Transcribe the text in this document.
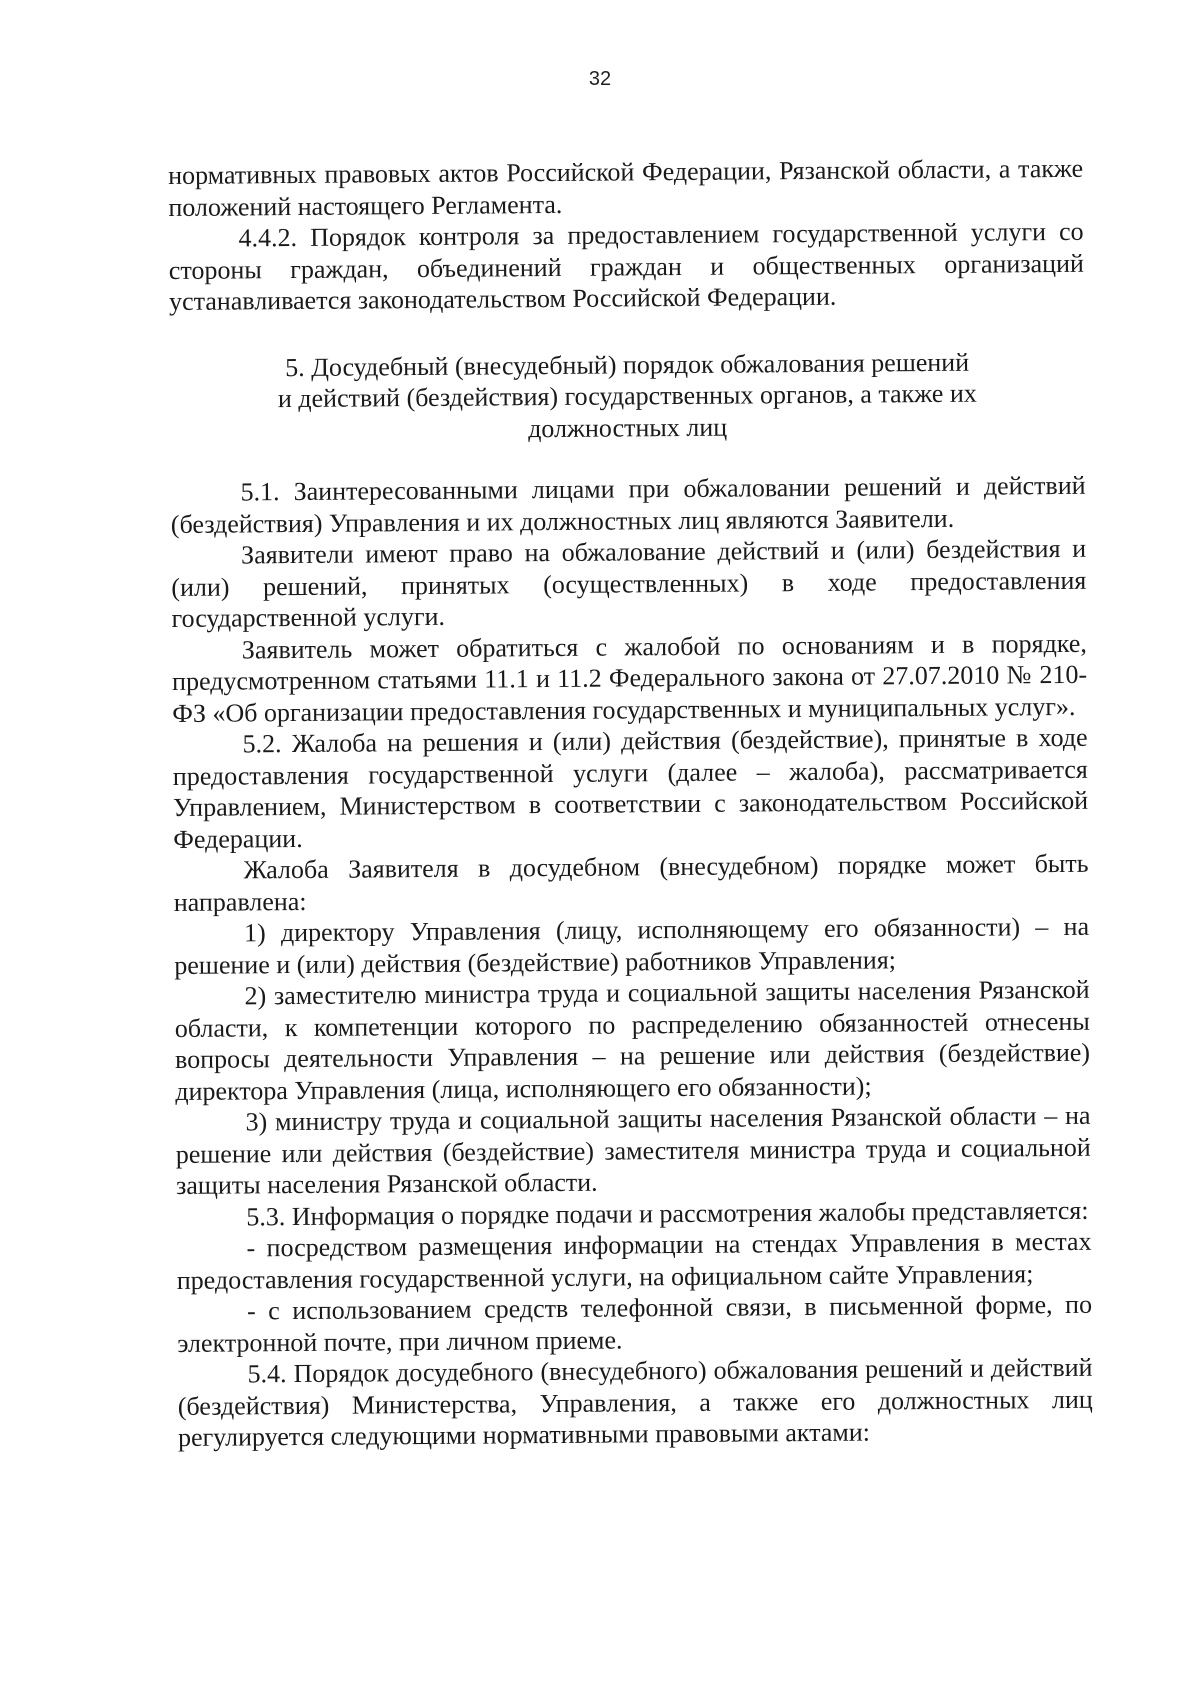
32

нормативных правовых актов Российской Федерации, Рязанской области, а также положений настоящего Регламента.

4.4.2. Порядок контроля за предоставлением государственной услуги со стороны граждан, объединений граждан и общественных организаций устанавливается законодательством Российской Федерации.

5. Досудебный (внесудебный) порядок обжалования решений
и действий (бездействия) государственных органов, а также их
должностных лиц

5.1. Заинтересованными лицами при обжаловании решений и действий (бездействия) Управления и их должностных лиц являются Заявители.

Заявители имеют право на обжалование действий и (или) бездействия и (или) решений, принятых (осуществленных) в ходе предоставления государственной услуги.

Заявитель может обратиться с жалобой по основаниям и в порядке, предусмотренном статьями 11.1 и 11.2 Федерального закона от 27.07.2010 № 210-ФЗ «Об организации предоставления государственных и муниципальных услуг».

5.2. Жалоба на решения и (или) действия (бездействие), принятые в ходе предоставления государственной услуги (далее – жалоба), рассматривается Управлением, Министерством в соответствии с законодательством Российской Федерации.

Жалоба Заявителя в досудебном (внесудебном) порядке может быть направлена:

1) директору Управления (лицу, исполняющему его обязанности) – на решение и (или) действия (бездействие) работников Управления;

2) заместителю министра труда и социальной защиты населения Рязанской области, к компетенции которого по распределению обязанностей отнесены вопросы деятельности Управления – на решение или действия (бездействие) директора Управления (лица, исполняющего его обязанности);

3) министру труда и социальной защиты населения Рязанской области – на решение или действия (бездействие) заместителя министра труда и социальной защиты населения Рязанской области.

5.3. Информация о порядке подачи и рассмотрения жалобы представляется:

- посредством размещения информации на стендах Управления в местах предоставления государственной услуги, на официальном сайте Управления;

- с использованием средств телефонной связи, в письменной форме, по электронной почте, при личном приеме.

5.4. Порядок досудебного (внесудебного) обжалования решений и действий (бездействия) Министерства, Управления, а также его должностных лиц регулируется следующими нормативными правовыми актами:
